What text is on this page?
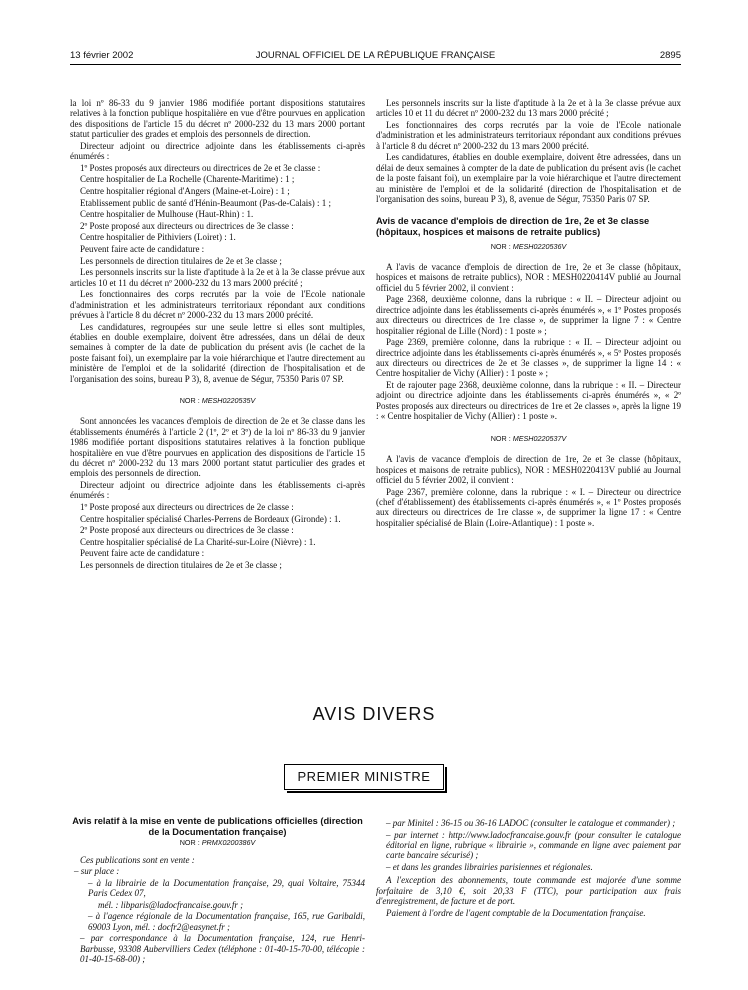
13 février 2002	JOURNAL OFFICIEL DE LA RÉPUBLIQUE FRANÇAISE	2895

la loi nº 86-33 du 9 janvier 1986 modifiée portant dispositions statutaires relatives à la fonction publique hospitalière en vue d'être pourvues en application des dispositions de l'article 15 du décret nº 2000-232 du 13 mars 2000 portant statut particulier des grades et emplois des personnels de direction.

Directeur adjoint ou directrice adjointe dans les établissements ci-après énumérés :

1º Postes proposés aux directeurs ou directrices de 2e et 3e classe :

Centre hospitalier de La Rochelle (Charente-Maritime) : 1 ;

Centre hospitalier régional d'Angers (Maine-et-Loire) : 1 ;

Etablissement public de santé d'Hénin-Beaumont (Pas-de-Calais) : 1 ;

Centre hospitalier de Mulhouse (Haut-Rhin) : 1.

2º Poste proposé aux directeurs ou directrices de 3e classe :

Centre hospitalier de Pithiviers (Loiret) : 1.

Peuvent faire acte de candidature :

Les personnels de direction titulaires de 2e et 3e classe ;

Les personnels inscrits sur la liste d'aptitude à la 2e et à la 3e classe prévue aux articles 10 et 11 du décret nº 2000-232 du 13 mars 2000 précité ;

Les fonctionnaires des corps recrutés par la voie de l'Ecole nationale d'administration et les administrateurs territoriaux répondant aux conditions prévues à l'article 8 du décret nº 2000-232 du 13 mars 2000 précité.

Les candidatures, regroupées sur une seule lettre si elles sont multiples, établies en double exemplaire, doivent être adressées, dans un délai de deux semaines à compter de la date de publication du présent avis (le cachet de la poste faisant foi), un exemplaire par la voie hiérarchique et l'autre directement au ministère de l'emploi et de la solidarité (direction de l'hospitalisation et de l'organisation des soins, bureau P 3), 8, avenue de Ségur, 75350 Paris 07 SP.

NOR : MESH0220535V

Sont annoncées les vacances d'emplois de direction de 2e et 3e classe dans les établissements énumérés à l'article 2 (1º, 2º et 3º) de la loi nº 86-33 du 9 janvier 1986 modifiée portant dispositions statutaires relatives à la fonction publique hospitalière en vue d'être pourvues en application des dispositions de l'article 15 du décret nº 2000-232 du 13 mars 2000 portant statut particulier des grades et emplois des personnels de direction.

Directeur adjoint ou directrice adjointe dans les établissements ci-après énumérés :

1º Poste proposé aux directeurs ou directrices de 2e classe :

Centre hospitalier spécialisé Charles-Perrens de Bordeaux (Gironde) : 1.

2º Poste proposé aux directeurs ou directrices de 3e classe :

Centre hospitalier spécialisé de La Charité-sur-Loire (Nièvre) : 1.

Peuvent faire acte de candidature :

Les personnels de direction titulaires de 2e et 3e classe ;

Les personnels inscrits sur la liste d'aptitude à la 2e et à la 3e classe prévue aux articles 10 et 11 du décret nº 2000-232 du 13 mars 2000 précité ;

Les fonctionnaires des corps recrutés par la voie de l'Ecole nationale d'administration et les administrateurs territoriaux répondant aux conditions prévues à l'article 8 du décret nº 2000-232 du 13 mars 2000 précité.

Les candidatures, établies en double exemplaire, doivent être adressées, dans un délai de deux semaines à compter de la date de publication du présent avis (le cachet de la poste faisant foi), un exemplaire par la voie hiérarchique et l'autre directement au ministère de l'emploi et de la solidarité (direction de l'hospitalisation et de l'organisation des soins, bureau P 3), 8, avenue de Ségur, 75350 Paris 07 SP.

Avis de vacance d'emplois de direction de 1re, 2e et 3e classe (hôpitaux, hospices et maisons de retraite publics)

NOR : MESH0220536V

A l'avis de vacance d'emplois de direction de 1re, 2e et 3e classe (hôpitaux, hospices et maisons de retraite publics), NOR : MESH0220414V publié au Journal officiel du 5 février 2002, il convient :

Page 2368, deuxième colonne, dans la rubrique : « II. – Directeur adjoint ou directrice adjointe dans les établissements ci-après énumérés », « 1º Postes proposés aux directeurs ou directrices de 1re classe », de supprimer la ligne 7 : « Centre hospitalier régional de Lille (Nord) : 1 poste » ;

Page 2369, première colonne, dans la rubrique : « II. – Directeur adjoint ou directrice adjointe dans les établissements ci-après énumérés », « 5º Postes proposés aux directeurs ou directrices de 2e et 3e classes », de supprimer la ligne 14 : « Centre hospitalier de Vichy (Allier) : 1 poste » ;

Et de rajouter page 2368, deuxième colonne, dans la rubrique : « II. – Directeur adjoint ou directrice adjointe dans les établissements ci-après énumérés », « 2º Postes proposés aux directeurs ou directrices de 1re et 2e classes », après la ligne 19 : « Centre hospitalier de Vichy (Allier) : 1 poste ».

NOR : MESH0220537V

A l'avis de vacance d'emplois de direction de 1re, 2e et 3e classe (hôpitaux, hospices et maisons de retraite publics), NOR : MESH0220413V publié au Journal officiel du 5 février 2002, il convient :

Page 2367, première colonne, dans la rubrique : « I. – Directeur ou directrice (chef d'établissement) des établissements ci-après énumérés », « 1º Postes proposés aux directeurs ou directrices de 1re classe », de supprimer la ligne 17 : « Centre hospitalier spécialisé de Blain (Loire-Atlantique) : 1 poste ».

AVIS DIVERS
PREMIER MINISTRE

Avis relatif à la mise en vente de publications officielles (direction de la Documentation française)

NOR : PRMX0200386V

Ces publications sont en vente :

– sur place :

– à la librairie de la Documentation française, 29, quai Voltaire, 75344 Paris Cedex 07,

mél. : libparis@ladocfrancaise.gouv.fr ;

– à l'agence régionale de la Documentation française, 165, rue Garibaldi, 69003 Lyon, mél. : docfr2@easynet.fr ;

– par correspondance à la Documentation française, 124, rue Henri-Barbusse, 93308 Aubervilliers Cedex (téléphone : 01-40-15-70-00, télécopie : 01-40-15-68-00) ;

– par Minitel : 36-15 ou 36-16 LADOC (consulter le catalogue et commander) ;

– par internet : http://www.ladocfrancaise.gouv.fr (pour consulter le catalogue éditorial en ligne, rubrique « librairie », commande en ligne avec paiement par carte bancaire sécurisé) ;

– et dans les grandes librairies parisiennes et régionales.

A l'exception des abonnements, toute commande est majorée d'une somme forfaitaire de 3,10 €, soit 20,33 F (TTC), pour participation aux frais d'enregistrement, de facture et de port.

Paiement à l'ordre de l'agent comptable de la Documentation française.
